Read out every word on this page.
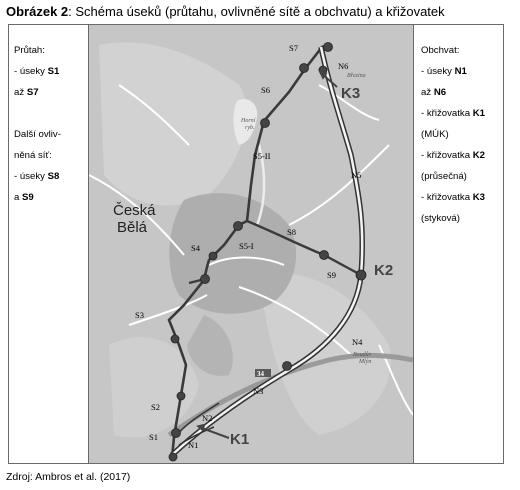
Obrázek 2: Schéma úseků (průtahu, ovlivněné sítě a obchvatu) a křižovatek
Průtah:
- úseky S1
až S7
Další ovliv-
něná síť:
- úseky S8
a S9
Obchvat:
- úseky N1
až N6
- křižovatka K1
(MÚK)
- křižovatka K2
(průsečná)
- křižovatka K3
(styková)
34
S1
S2
S3
S4	S5-I
S5-II
S6
S7
S8
S9
N1
N2
N3
N4
N5
N6
K1
K2
K3
Česká
Bělá
Horní
ryb.
Březina
Boudův
Mlýn
Zdroj: Ambros et al. (2017)
